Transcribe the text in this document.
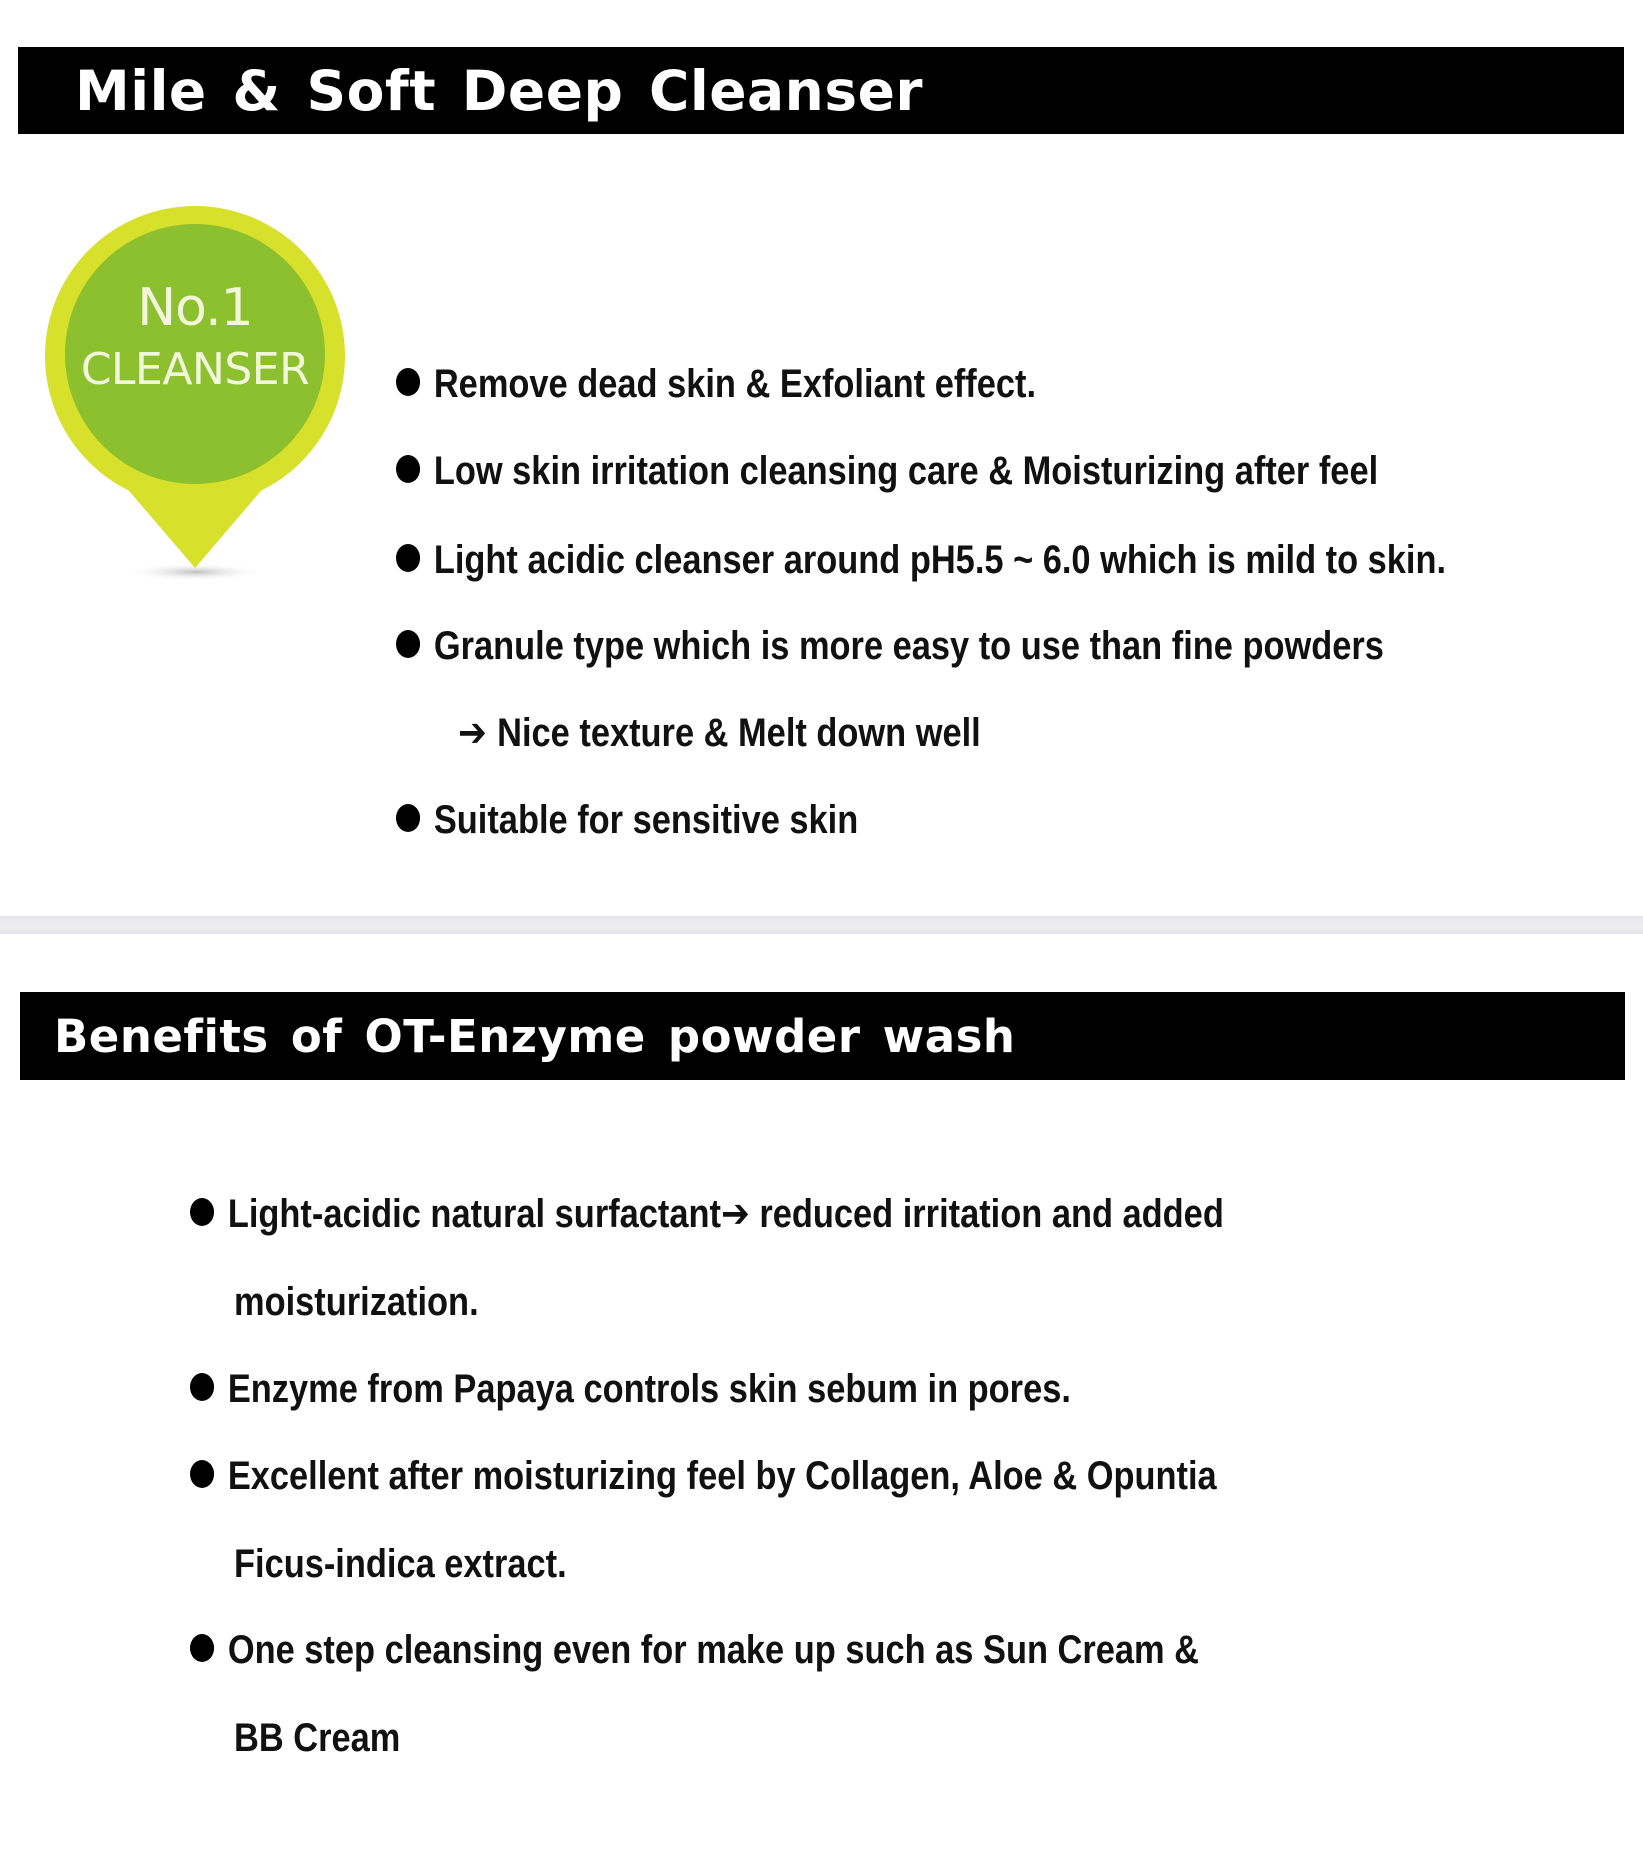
Mile & Soft Deep Cleanser
No.1
CLEANSER	Remove dead skin & Exfoliant effect.
Low skin irritation cleansing care & Moisturizing after feel
Light acidic cleanser around pH5.5 ~ 6.0 which is mild to skin.
Granule type which is more easy to use than fine powders
➔ Nice texture & Melt down well
Suitable for sensitive skin
Benefits of OT-Enzyme powder wash
Light-acidic natural surfactant➔ reduced irritation and added
moisturization.
Enzyme from Papaya controls skin sebum in pores.
Excellent after moisturizing feel by Collagen, Aloe & Opuntia
Ficus-indica extract.
One step cleansing even for make up such as Sun Cream &
BB Cream
